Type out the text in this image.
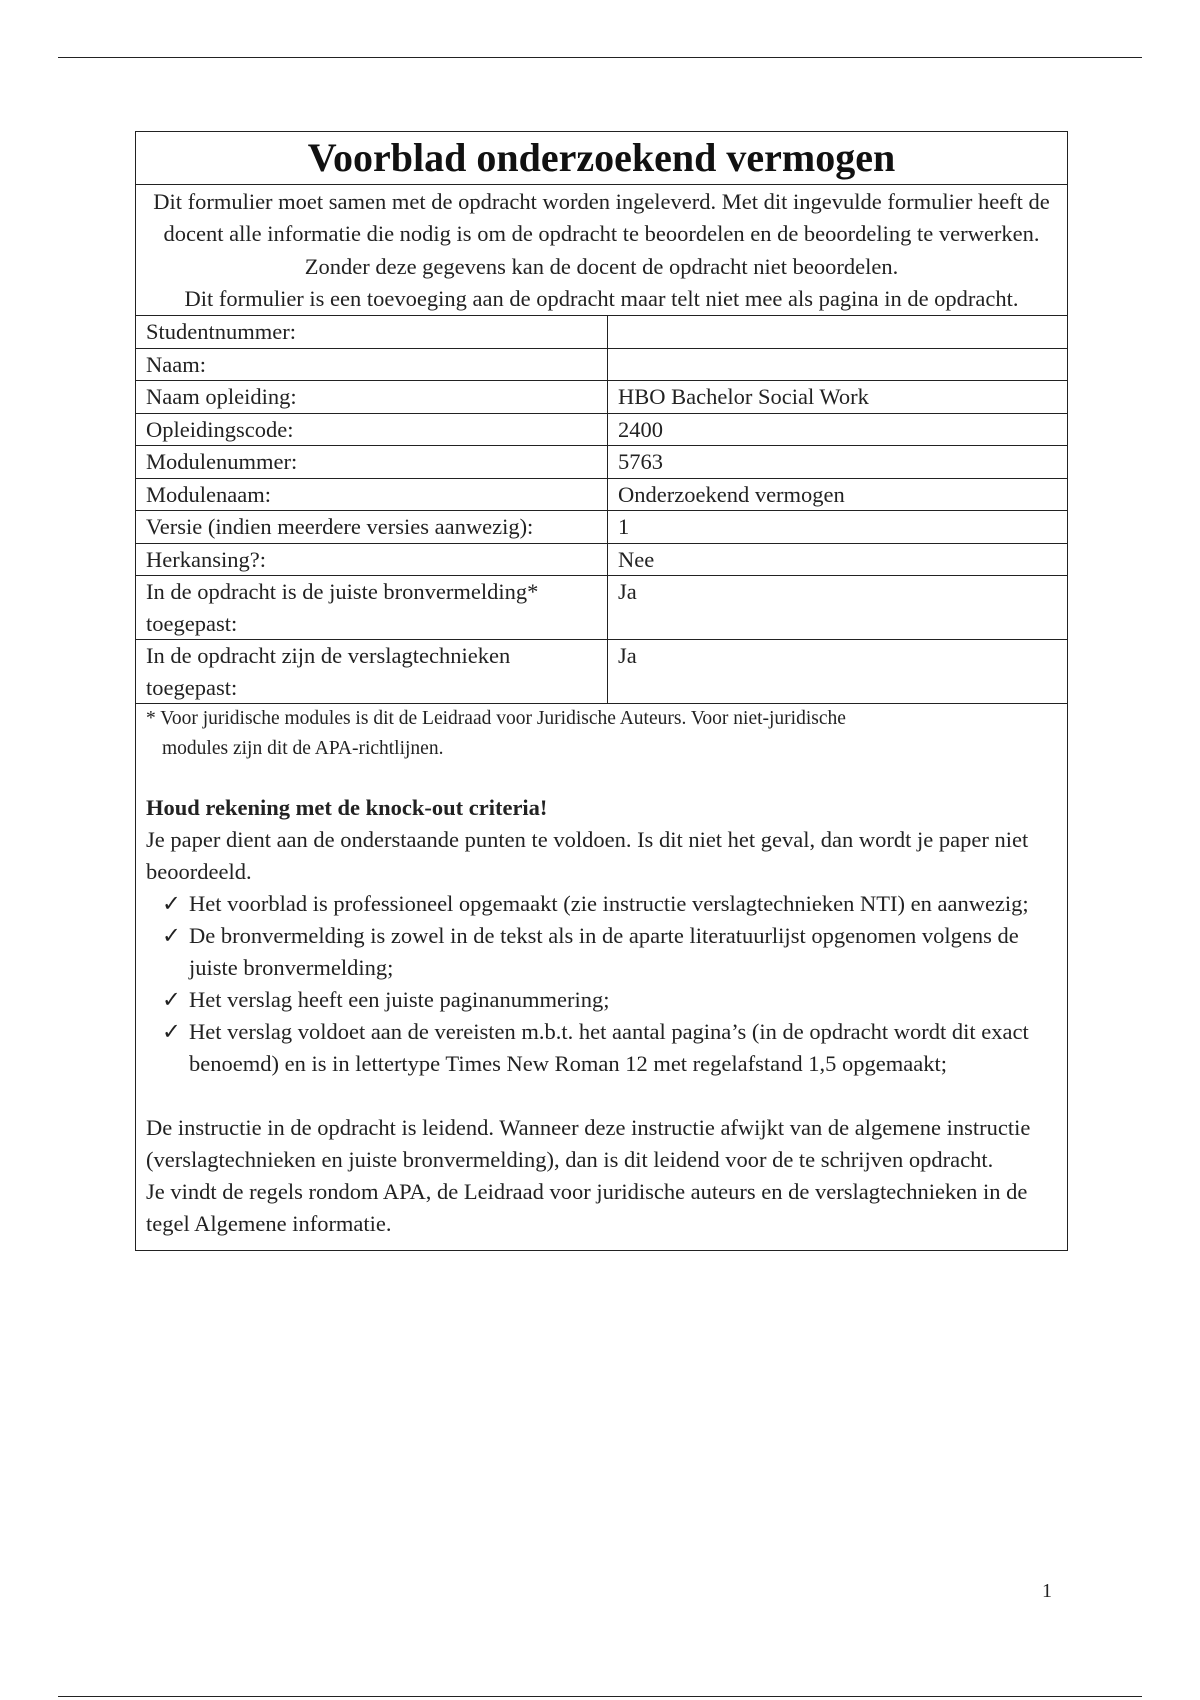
Voorblad onderzoekend vermogen

Dit formulier moet samen met de opdracht worden ingeleverd. Met dit ingevulde formulier heeft de docent alle informatie die nodig is om de opdracht te beoordelen en de beoordeling te verwerken. Zonder deze gegevens kan de docent de opdracht niet beoordelen.

Dit formulier is een toevoeging aan de opdracht maar telt niet mee als pagina in de opdracht.

Studentnummer:	
Naam:	
Naam opleiding:	HBO Bachelor Social Work
Opleidingscode:	2400
Modulenummer:	5763
Modulenaam:	Onderzoekend vermogen
Versie (indien meerdere versies aanwezig):	1
Herkansing?:	Nee
In de opdracht is de juiste bronvermelding* toegepast:	Ja
In de opdracht zijn de verslagtechnieken toegepast:	Ja
* Voor juridische modules is dit de Leidraad voor Juridische Auteurs. Voor niet-juridische
modules zijn dit de APA-richtlijnen.
Houd rekening met de knock-out criteria!

Je paper dient aan de onderstaande punten te voldoen. Is dit niet het geval, dan wordt je paper niet beoordeeld.

✓ Het voorblad is professioneel opgemaakt (zie instructie verslagtechnieken NTI) en aanwezig;
✓ De bronvermelding is zowel in de tekst als in de aparte literatuurlijst opgenomen volgens de juiste bronvermelding;
✓ Het verslag heeft een juiste paginanummering;
✓ Het verslag voldoet aan de vereisten m.b.t. het aantal pagina’s (in de opdracht wordt dit exact benoemd) en is in lettertype Times New Roman 12 met regelafstand 1,5 opgemaakt;

De instructie in de opdracht is leidend. Wanneer deze instructie afwijkt van de algemene instructie (verslagtechnieken en juiste bronvermelding), dan is dit leidend voor de te schrijven opdracht.

Je vindt de regels rondom APA, de Leidraad voor juridische auteurs en de verslagtechnieken in de tegel Algemene informatie.

1
